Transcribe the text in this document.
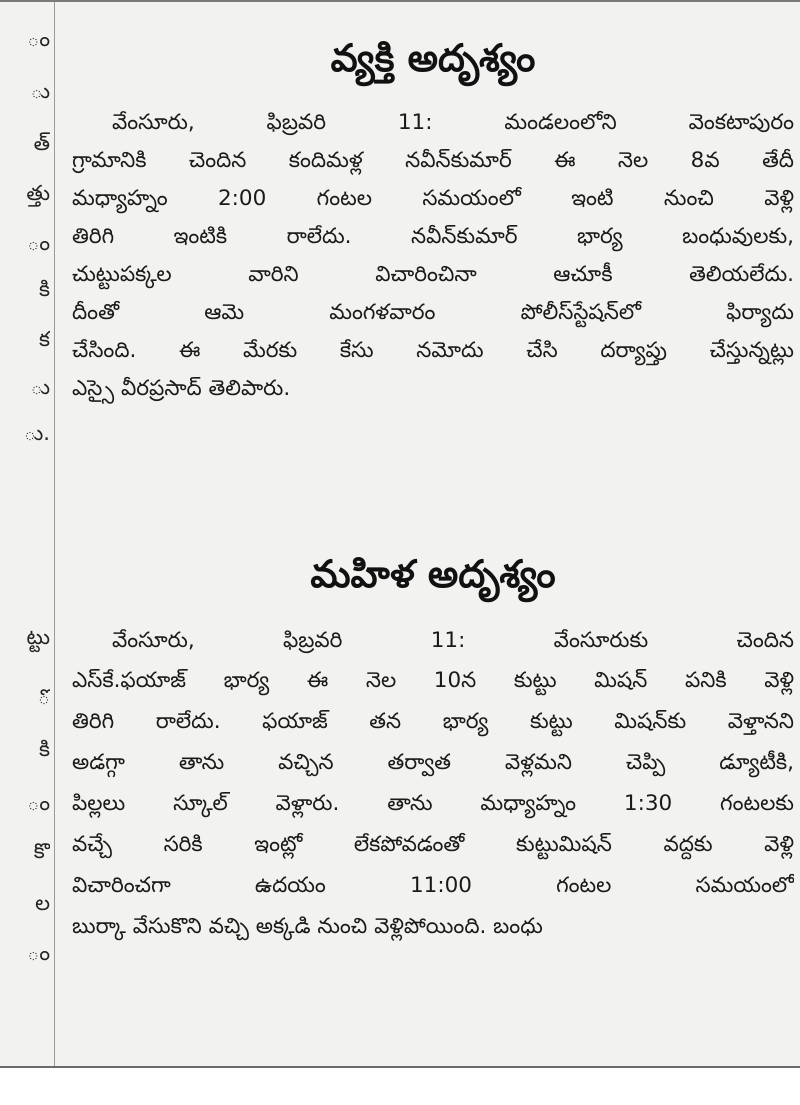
ం
ు
త్
త్తు
ం
కి
క
ు
ు.
ట్టు
ో
కి
ం
కొ
ల
ం
వ్యక్తి అదృశ్యం
వేంసూరు, ఫిబ్రవరి 11: మండలంలోని వెంకటాపురం
గ్రామానికి చెందిన కందిమళ్ల నవీన్‌కుమార్ ఈ నెల 8వ తేదీ
మధ్యాహ్నం 2:00 గంటల సమయంలో ఇంటి నుంచి వెళ్లి
తిరిగి ఇంటికి రాలేదు. నవీన్‌కుమార్ భార్య బంధువులకు,
చుట్టుపక్కల వారిని విచారించినా ఆచూకీ తెలియలేదు.
దీంతో ఆమె మంగళవారం పోలీస్‌స్టేషన్‌లో ఫిర్యాదు
చేసింది. ఈ మేరకు కేసు నమోదు చేసి దర్యాప్తు చేస్తున్నట్లు
ఎస్సై వీరప్రసాద్ తెలిపారు.
మహిళ అదృశ్యం
వేంసూరు, ఫిబ్రవరి 11: వేంసూరుకు చెందిన
ఎస్‌కే.ఫయాజ్ భార్య ఈ నెల 10న కుట్టు మిషన్ పనికి వెళ్లి
తిరిగి రాలేదు. ఫయాజ్ తన భార్య కుట్టు మిషన్‌కు వెళ్తానని
అడగ్గా తాను వచ్చిన తర్వాత వెళ్లమని చెప్పి డ్యూటీకి,
పిల్లలు స్కూల్ వెళ్లారు. తాను మధ్యాహ్నం 1:30 గంటలకు
వచ్చే సరికి ఇంట్లో లేకపోవడంతో కుట్టుమిషన్ వద్దకు వెళ్లి
విచారించగా ఉదయం 11:00 గంటల సమయంలో
బుర్కా వేసుకొని వచ్చి అక్కడి నుంచి వెళ్లిపోయింది. బంధు
